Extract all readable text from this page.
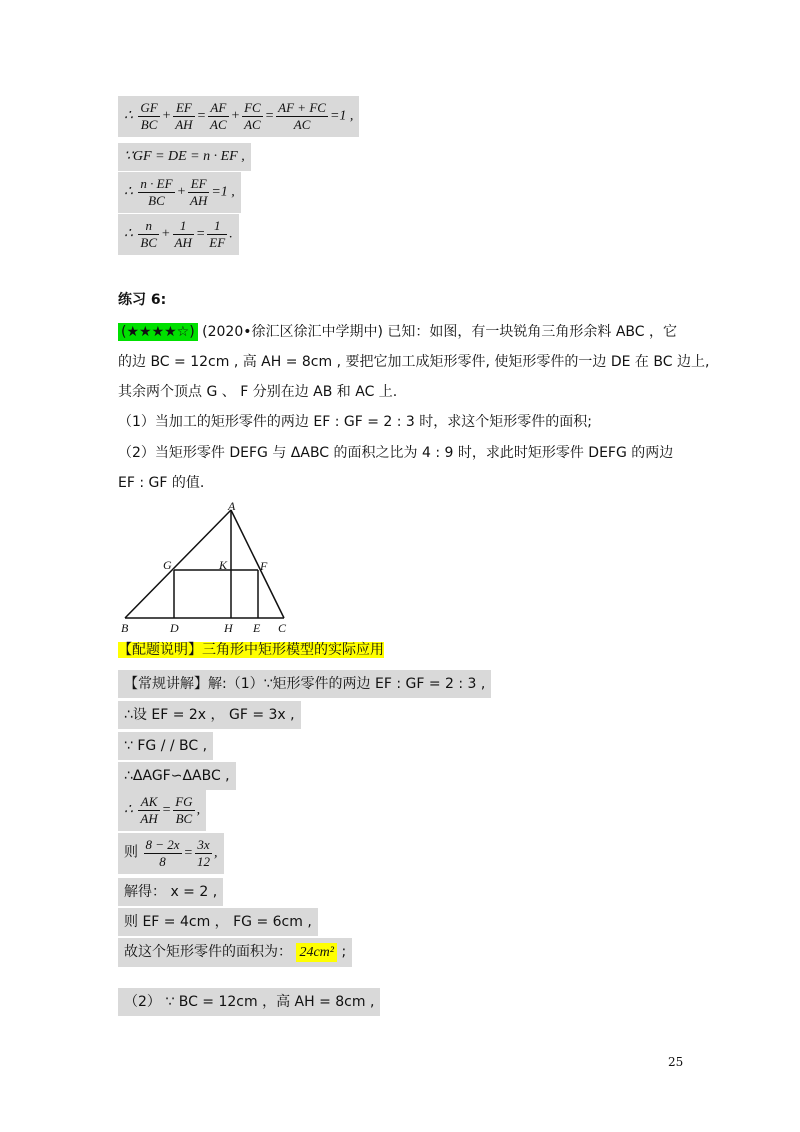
∴ $\frac{GF}{BC} + \frac{EF}{AH} = \frac{AF}{AC} + \frac{FC}{AC} = \frac{AF + FC}{AC} =1$ ,
∵GF = DE = n · EF ,
∴ $\frac{n \cdot EF}{BC} + \frac{EF}{AH} =1$ ,
∴ $\frac{n}{BC} + \frac{1}{AH} = \frac{1}{EF}$ .
练习 6:
(★★★★☆) (2020•徐汇区徐汇中学期中) 已知：如图，有一块锐角三角形余料 ABC ，它
的边 BC = 12cm , 高 AH = 8cm , 要把它加工成矩形零件, 使矩形零件的一边 DE 在 BC 边上,
其余两个顶点 G 、 F 分别在边 AB 和 AC 上.
（1）当加工的矩形零件的两边 EF : GF = 2 : 3 时，求这个矩形零件的面积;
（2）当矩形零件 DEFG 与 ΔABC 的面积之比为 4 : 9 时，求此时矩形零件 DEFG 的两边
EF : GF 的值.
A
G	K	F
B	D	H E C
【配题说明】三角形中矩形模型的实际应用
【常规讲解】解:（1）∵矩形零件的两边 EF : GF = 2 : 3 ,
∴设 EF = 2x ， GF = 3x ,
∵ FG / / BC ,
∴ΔAGF∽ΔABC ,
∴ $\frac{AK}{AH} = \frac{FG}{BC}$ ,
则 $\frac{8 - 2x}{8} = \frac{3x}{12}$ ,
解得： x = 2 ,
则 EF = 4cm ， FG = 6cm ,
故这个矩形零件的面积为： 24cm² ;
（2） ∵ BC = 12cm ，高 AH = 8cm ,
25
